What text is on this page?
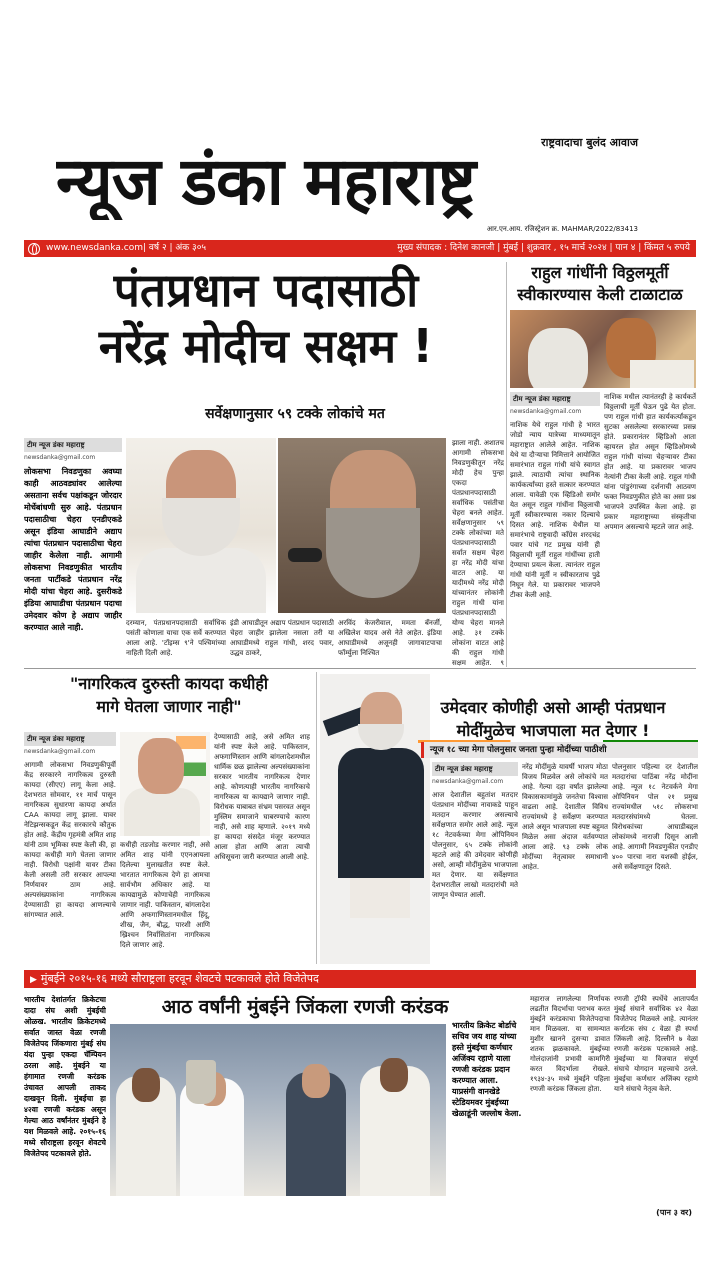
राष्ट्रवादाचा बुलंद आवाज
न्यूज डंका महाराष्ट्र
आर.एन.आय. रजिस्ट्रेशन क्र. MAHMAR/2022/83413
www.newsdanka.com | वर्ष २ | अंक ३०५	मुख्य संपादक : दिनेश कानजी | मुंबई | शुक्रवार , १५ मार्च २०२४ | पान ४ | किंमत ५ रुपये
पंतप्रधान पदासाठी
नरेंद्र मोदीच सक्षम !
सर्वेक्षणानुसार ५९ टक्के लोकांचे मत
टीम न्यूज डंका महाराष्ट्र
newsdanka@gmail.com
लोकसभा निवडणुका अवघ्या काही आठवड्यांवर आलेल्या असताना सर्वच पक्षांकडून जोरदार मोर्चेबांधणी सुरु आहे. पंतप्रधान पदासाठीचा चेहरा एनडीएकडे असून इंडिया आघाडीने अद्याप त्यांचा पंतप्रधान पदासाठीचा चेहरा जाहीर केलेला नाही. आगामी लोकसभा निवडणुकीत भारतीय जनता पार्टीकडे पंतप्रधान नरेंद्र मोदी यांचा चेहरा आहे. दुसरीकडे इंडिया आघाडीचा पंतप्रधान पदाचा उमेदवार कोण हे अद्याप जाहीर करण्यात आले नाही.	दरम्यान, पंतप्रधानपदासाठी सर्वाधिक पसंती कोणाला याचा एक सर्वे करण्यात आला आहे. 'टॉइम्स ९'ने पश्चिमांच्या नाहिती दिली आहे.
इंडी आघाडीतून अद्याप पंतप्रधान पदासाठी चेहरा जाहीर झालेला नसला तरी या आघाडीमध्ये राहुल गांधी, शरद पवार, उद्धव ठाकरे,
अरविंद केजरीवाल, ममता बॅनर्जी, अखिलेश यादव असे नेते आहेत. इंडिया आघाडीमध्ये अजूनही जागावाटपाचा फॉर्म्युला निश्चित
झाला नाही. अशातच आगामी लोकसभा निवडणुकीतून नरेंद्र मोदी हेच पुन्हा एकदा पंतप्रधानपदासाठी सर्वाधिक पसंतीचा चेहरा बनले आहेत. सर्वेक्षणानुसार ५९ टक्के लोकांच्या मते पंतप्रधानपदासाठी सर्वात सक्षम चेहरा हा नरेंद्र मोदी यांचा वाटत आहे. या यादीमध्ये नरेंद्र मोदी यांच्यानंतर लोकांनी राहुल गांधी यांना पंतप्रधानपदासाठी योग्य चेहरा मानले आहे. ३१ टक्के लोकांना वाटत आहे की राहुल गांधी सक्षम आहेत. ९
राहुल गांधींनी विठ्ठलमूर्ती
स्वीकारण्यास केली टाळाटाळ
टीम न्यूज डंका महाराष्ट्र
newsdanka@gmail.com
नाशिक येथे राहुल गांधी हे भारत जोडो न्याय यात्रेच्या माध्यमातून महाराष्ट्रात आलेले आहेत. नाशिक येथे या दौऱ्याचा निमित्ताने आयोजित समारंभात राहुल गांधी यांचे स्वागत झाले. त्याठायी त्यांचा स्थानिक कार्यकर्त्यांच्या हस्ते सत्कार करण्यात आला. यावेळी एक व्हिडिओ समोर येत असून राहुल गांधींना विठ्ठलाची मूर्ती स्वीकारण्यास नकार दिल्याचे दिसत आहे. नाशिक येथील या समारंभाचे राष्ट्रवादी काँग्रेस शरदचंद्र पवार यांचे गट प्रमुख यांनी ही विठ्ठलाची मूर्ती राहुल गांधींच्या हाती देण्याचा प्रयत्न केला. त्यानंतर राहुल गांधी यांनी मूर्ती न स्वीकारताच पुढे निघून गेले. या प्रकारावर भाजपने टीका केली आहे.
नाशिक मधील त्यानंतरही हे कार्यकर्ते विठ्ठलाची मूर्ती घेऊन पुढे येत होता. पण राहुल गांधी हात कार्यकर्त्यांकडून सुटका असलेल्या सरकारच्या प्रसन्न होते. प्रकारानंतर व्हिडिओ आता व्हायरल होत असून व्हिडिओमध्ये राहुल गांधी यांच्या चेहऱ्यावर टीका होत आहे. या प्रकारावर भाजप नेत्यांनी टीका केली आहे. राहुल गांधी यांना पांडुरंगाच्या दर्शनाची आठवण फक्त निवडणुकीत होते का असा प्रश्न भाजपने उपस्थित केला आहे. हा प्रकार महाराष्ट्राच्या संस्कृतीचा अपमान असल्याचे म्हटले जात आहे.
"नागरिकत्व दुरुस्ती कायदा कधीही
मागे घेतला जाणार नाही"
टीम न्यूज डंका महाराष्ट्र
newsdanka@gmail.com
आगामी लोकसभा निवडणुकीपूर्वी केंद्र सरकारने नागरिकत्व दुरुस्ती कायदा (सीएए) लागू केला आहे. देशभरात सोमवार, ११ मार्च पासून नागरिकत्व सुधारणा कायदा अर्थात CAA कायदा लागू झाला. यावर नेटिझन्सकडून केंद्र सरकारचे कौतुक होत आहे. केंद्रीय गृहमंत्री अमित शाह यांनी ठाम भूमिका स्पष्ट केली की, हा कायदा कधीही मागे घेतला जाणार नाही. विरोधी पक्षांनी यावर टीका केली असली तरी सरकार आपल्या निर्णयावर ठाम आहे. अल्पसंख्याकांना नागरिकत्व देण्यासाठी हा कायदा आणल्याचे सांगण्यात आले.
कधीही तडजोड करणार नाही, असे अमित शाह यांनी एएनआयला दिलेल्या मुलाखतीत स्पष्ट केले. भारतात नागरिकत्व देणे हा आमचा सार्वभौम अधिकार आहे. या कायद्यामुळे कोणाचेही नागरिकत्व जाणार नाही. पाकिस्तान, बांगलादेश आणि अफगाणिस्तानमधील हिंदू, शीख, जैन, बौद्ध, पारशी आणि ख्रिश्चन निर्वासितांना नागरिकत्व दिले जाणार आहे.
देण्यासाठी आहे, असे अमित शाह यांनी स्पष्ट केले आहे. पाकिस्तान, अफगाणिस्तान आणि बांगलादेशमधील धार्मिक छळ झालेल्या अल्पसंख्याकांना सरकार भारतीय नागरिकत्व देणार आहे. कोणत्याही भारतीय नागरिकाचे नागरिकत्व या कायद्याने जाणार नाही. विरोधक याबाबत संभ्रम पसरवत असून मुस्लिम समाजाने घाबरण्याचे कारण नाही, असे शाह म्हणाले. २०१९ मध्ये हा कायदा संसदेत मंजूर करण्यात आला होता आणि आता त्याची अधिसूचना जारी करण्यात आली आहे.
उमेदवार कोणीही असो आम्ही पंतप्रधान
मोदींमुळेच भाजपाला मत देणार !
न्यूज १८ च्या मेगा पोलनुसार जनता पुन्हा मोदींच्या पाठीशी
टीम न्यूज डंका महाराष्ट्र
newsdanka@gmail.com
आज देशातील बहुतांश मतदार पंतप्रधान मोदींच्या नावाकडे पाहून मतदान करणार असल्याचे सर्वेक्षणात समोर आले आहे. न्यूज १८ नेटवर्कच्या मेगा ओपिनियन पोलनुसार, ६५ टक्के लोकांनी म्हटले आहे की उमेदवार कोणीही असो, आम्ही मोदींमुळेच भाजपाला मत देणार. या सर्वेक्षणात देशभरातील लाखो मतदारांची मते जाणून घेण्यात आली.
नरेंद्र मोदींमुळे यावर्षी भाजप मोठा विजय मिळवेल असे लोकांचे मत आहे. गेल्या दहा वर्षांत झालेल्या विकासकामांमुळे जनतेचा विश्वास वाढला आहे. देशातील विविध राज्यांमध्ये हे सर्वेक्षण करण्यात आले असून भाजपाला स्पष्ट बहुमत मिळेल असा अंदाज वर्तवण्यात आला आहे. ९३ टक्के लोक मोदींच्या नेतृत्वावर समाधानी आहेत.
पोलनुसार पहिल्या दर देशातील मतदारांचा पाठिंबा नरेंद्र मोदींना आहे. न्यूज १८ नेटवर्कने मेगा ओपिनियन पोल २१ प्रमुख राज्यांमधील ५१८ लोकसभा मतदारसंघांमध्ये घेतला. विरोधकांच्या आघाडीबद्दल लोकांमध्ये नाराजी दिसून आली आहे. आगामी निवडणुकीत एनडीए ४०० पारचा नारा यशस्वी होईल, असे सर्वेक्षणातून दिसते.
▶ मुंबईने २०१५-१६ मध्ये सौराष्ट्रला हरवून शेवटचे पटकावले होते विजेतेपद
आठ वर्षांनी मुंबईने जिंकला रणजी करंडक
भारतीय देशांतर्गत क्रिकेटचा दादा संघ अशी मुंबईची ओळख. भारतीय क्रिकेटमध्ये सर्वात जास्त वेळा रणजी विजेतेपद जिंकणारा मुंबई संघ यंदा पुन्हा एकदा चॅम्पियन ठरला आहे. मुंबईने या हंगामात रणजी करंडक उंचावत आपली ताकद दाखवून दिली. मुंबईचा हा ४२वा रणजी करंडक असून गेल्या आठ वर्षांनंतर मुंबईने हे यश मिळवले आहे. २०१५-१६ मध्ये सौराष्ट्रला हरवून शेवटचे विजेतेपद पटकावले होते.
भारतीय क्रिकेट बोर्डाचे सचिव जय शाह यांच्या हस्ते मुंबईचा कर्णधार अजिंक्य रहाणे याला रणजी करंडक प्रदान करण्यात आला. याप्रसंगी वानखेडे स्टेडियमवर मुंबईच्या खेळाडूंनी जल्लोष केला.
महाराज लागलेल्या निर्णायक लढतीत विदर्भाचा पराभव करत मुंबईने करंडकाचा विजेतेपदाचा मान मिळवला. या सामन्यात मुशीर खानने दुसऱ्या डावात शतक झळकावले. मुंबईच्या गोलंदाजांनी प्रभावी कामगिरी करत विदर्भाला रोखले. १९३४-३५ मध्ये मुंबईने पहिला रणजी करंडक जिंकला होता.
रणजी ट्रॉफी स्पर्धेचे आतापर्यंत मुंबई संघाने सर्वाधिक ४२ वेळा विजेतेपद मिळवले आहे. त्यानंतर कर्नाटक संघ ८ वेळा ही स्पर्धा जिंकली आहे. दिल्लीने ७ वेळा रणजी करंडक पटकावले आहे. मुंबईच्या या विजयात संपूर्ण संघाचे योगदान महत्त्वाचे ठरले. मुंबईचा कर्णधार अजिंक्य रहाणे याने संघाचे नेतृत्व केले.
(पान ३ वर)
